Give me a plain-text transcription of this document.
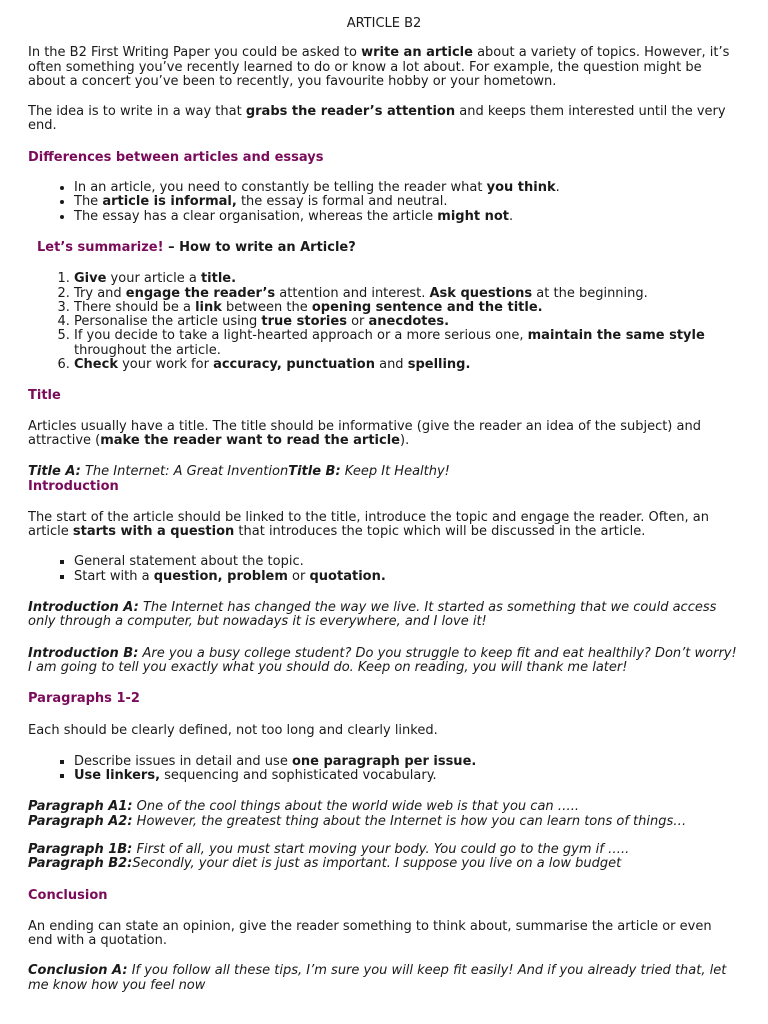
ARTICLE B2

In the B2 First Writing Paper you could be asked to write an article about a variety of topics. However, it’s often something you’ve recently learned to do or know a lot about. For example, the question might be about a concert you’ve been to recently, you favourite hobby or your hometown.

The idea is to write in a way that grabs the reader’s attention and keeps them interested until the very end.

Differences between articles and essays

• In an article, you need to constantly be telling the reader what you think.
• The article is informal, the essay is formal and neutral.
• The essay has a clear organisation, whereas the article might not.

Let’s summarize! – How to write an Article?

1. Give your article a title.
2. Try and engage the reader’s attention and interest. Ask questions at the beginning.
3. There should be a link between the opening sentence and the title.
4. Personalise the article using true stories or anecdotes.
5. If you decide to take a light-hearted approach or a more serious one, maintain the same style throughout the article.
6. Check your work for accuracy, punctuation and spelling.

Title

Articles usually have a title. The title should be informative (give the reader an idea of the subject) and attractive (make the reader want to read the article).

Title A: The Internet: A Great InventionTitle B: Keep It Healthy!

Introduction

The start of the article should be linked to the title, introduce the topic and engage the reader. Often, an article starts with a question that introduces the topic which will be discussed in the article.

▪ General statement about the topic.
▪ Start with a question, problem or quotation.

Introduction A: The Internet has changed the way we live. It started as something that we could access only through a computer, but nowadays it is everywhere, and I love it!

Introduction B: Are you a busy college student? Do you struggle to keep fit and eat healthily? Don’t worry! I am going to tell you exactly what you should do. Keep on reading, you will thank me later!

Paragraphs 1-2

Each should be clearly defined, not too long and clearly linked.

▪ Describe issues in detail and use one paragraph per issue.
▪ Use linkers, sequencing and sophisticated vocabulary.

Paragraph A1: One of the cool things about the world wide web is that you can …..

Paragraph A2: However, the greatest thing about the Internet is how you can learn tons of things…

Paragraph 1B: First of all, you must start moving your body. You could go to the gym if …..

Paragraph B2:Secondly, your diet is just as important. I suppose you live on a low budget

Conclusion

An ending can state an opinion, give the reader something to think about, summarise the article or even end with a quotation.

Conclusion A: If you follow all these tips, I’m sure you will keep fit easily! And if you already tried that, let me know how you feel now
